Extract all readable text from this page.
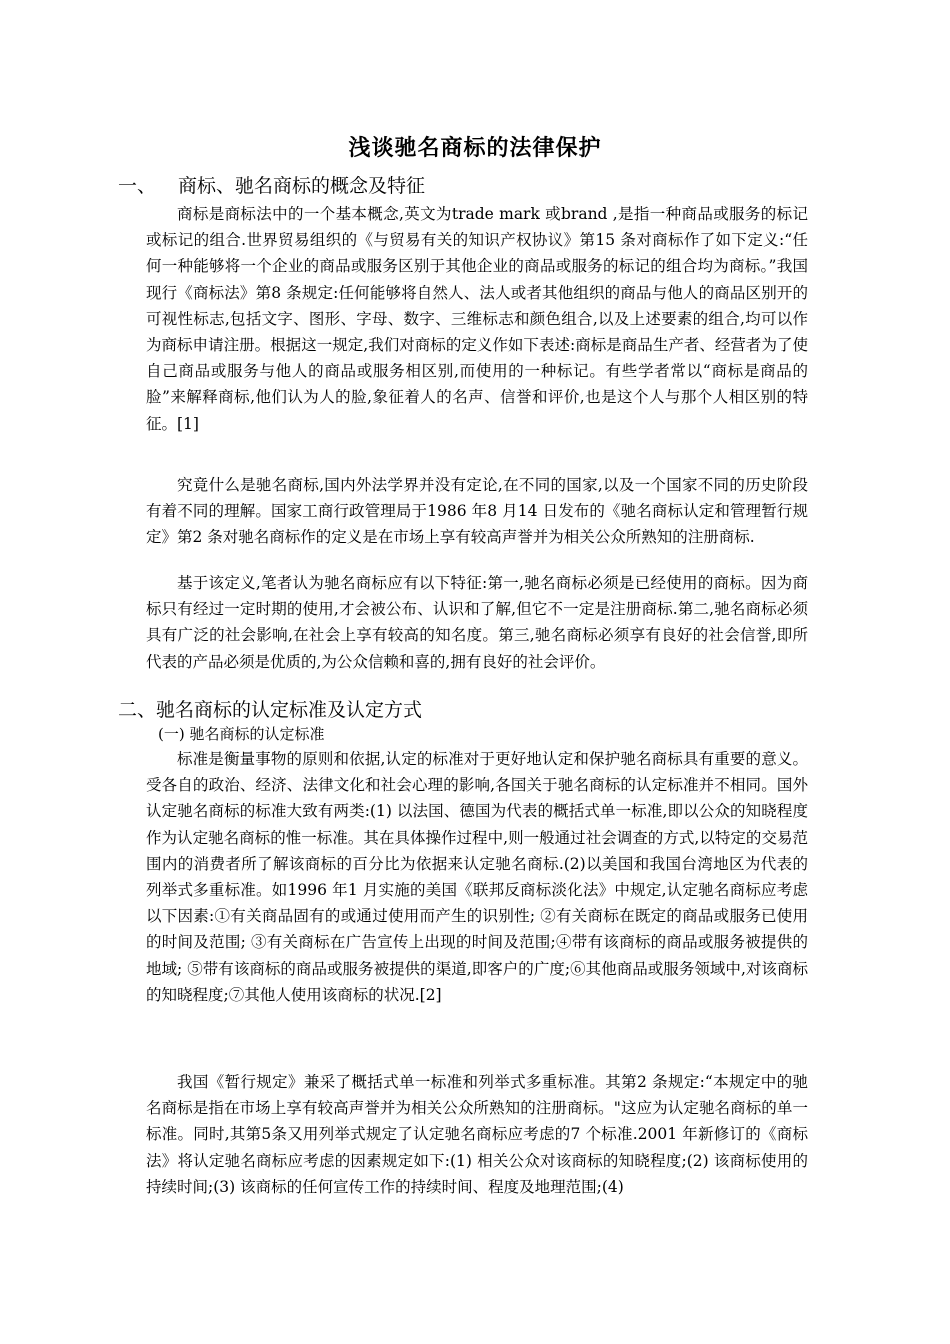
浅谈驰名商标的法律保护
一、 商标、驰名商标的概念及特征

商标是商标法中的一个基本概念,英文为trade mark 或brand ,是指一种商品或服务的标记或标记的组合.世界贸易组织的《与贸易有关的知识产权协议》第15 条对商标作了如下定义:“任何一种能够将一个企业的商品或服务区别于其他企业的商品或服务的标记的组合均为商标。”我国现行《商标法》第8 条规定:任何能够将自然人、法人或者其他组织的商品与他人的商品区别开的可视性标志,包括文字、图形、字母、数字、三维标志和颜色组合,以及上述要素的组合,均可以作为商标申请注册。根据这一规定,我们对商标的定义作如下表述:商标是商品生产者、经营者为了使自己商品或服务与他人的商品或服务相区别,而使用的一种标记。有些学者常以“商标是商品的脸”来解释商标,他们认为人的脸,象征着人的名声、信誉和评价,也是这个人与那个人相区别的特征。[1]

究竟什么是驰名商标,国内外法学界并没有定论,在不同的国家,以及一个国家不同的历史阶段有着不同的理解。国家工商行政管理局于1986 年8 月14 日发布的《驰名商标认定和管理暂行规定》第2 条对驰名商标作的定义是在市场上享有较高声誉并为相关公众所熟知的注册商标.

基于该定义,笔者认为驰名商标应有以下特征:第一,驰名商标必须是已经使用的商标。因为商标只有经过一定时期的使用,才会被公布、认识和了解,但它不一定是注册商标.第二,驰名商标必须具有广泛的社会影响,在社会上享有较高的知名度。第三,驰名商标必须享有良好的社会信誉,即所代表的产品必须是优质的,为公众信赖和喜的,拥有良好的社会评价。

二、驰名商标的认定标准及认定方式
(一) 驰名商标的认定标准

标准是衡量事物的原则和依据,认定的标准对于更好地认定和保护驰名商标具有重要的意义。受各自的政治、经济、法律文化和社会心理的影响,各国关于驰名商标的认定标准并不相同。国外认定驰名商标的标准大致有两类:(1) 以法国、德国为代表的概括式单一标准,即以公众的知晓程度作为认定驰名商标的惟一标准。其在具体操作过程中,则一般通过社会调查的方式,以特定的交易范围内的消费者所了解该商标的百分比为依据来认定驰名商标.(2)以美国和我国台湾地区为代表的列举式多重标准。如1996 年1 月实施的美国《联邦反商标淡化法》中规定,认定驰名商标应考虑以下因素:①有关商品固有的或通过使用而产生的识别性; ②有关商标在既定的商品或服务已使用的时间及范围; ③有关商标在广告宣传上出现的时间及范围;④带有该商标的商品或服务被提供的地域; ⑤带有该商标的商品或服务被提供的渠道,即客户的广度;⑥其他商品或服务领域中,对该商标的知晓程度;⑦其他人使用该商标的状况.[2]

我国《暂行规定》兼采了概括式单一标准和列举式多重标准。其第2 条规定:“本规定中的驰名商标是指在市场上享有较高声誉并为相关公众所熟知的注册商标。"这应为认定驰名商标的单一标准。同时,其第5条又用列举式规定了认定驰名商标应考虑的7 个标准.2001 年新修订的《商标法》将认定驰名商标应考虑的因素规定如下:(1) 相关公众对该商标的知晓程度;(2) 该商标使用的持续时间;(3) 该商标的任何宣传工作的持续时间、程度及地理范围;(4)
